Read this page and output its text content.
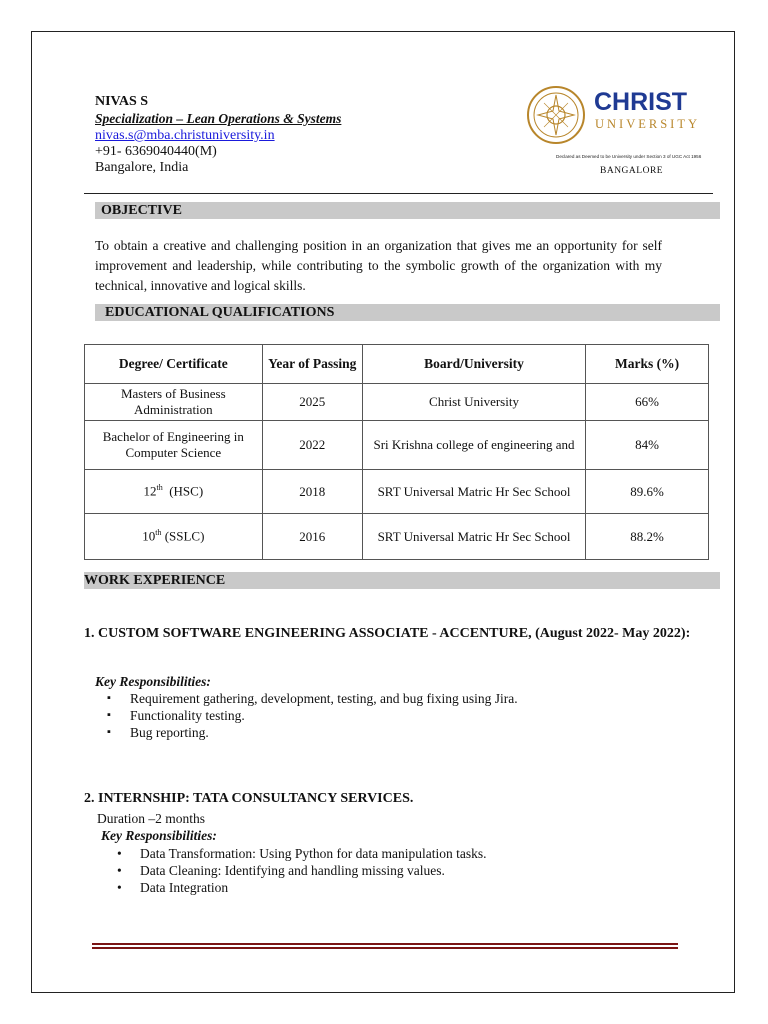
NIVAS S
Specialization – Lean Operations & Systems
nivas.s@mba.christuniversity.in
+91- 6369040440(M)
Bangalore, India
CHRIST
UNIVERSITY
Declared as Deemed to be University under Section 3 of UGC Act 1956
BANGALORE
OBJECTIVE
To obtain a creative and challenging position in an organization that gives me an opportunity for self improvement and leadership, while contributing to the symbolic growth of the organization with my technical, innovative and logical skills.
EDUCATIONAL QUALIFICATIONS
Degree/ Certificate	Year of Passing	Board/University	Marks (%)
Masters of Business Administration	2025	Christ University	66%
Bachelor of Engineering in Computer Science	2022	Sri Krishna college of engineering and	84%
12th  (HSC)	2018	SRT Universal Matric Hr Sec School	89.6%
10th (SSLC)	2016	SRT Universal Matric Hr Sec School	88.2%
WORK EXPERIENCE
1. CUSTOM SOFTWARE ENGINEERING ASSOCIATE - ACCENTURE, (August 2022- May 2022):
Key Responsibilities:
▪ Requirement gathering, development, testing, and bug fixing using Jira.
▪ Functionality testing.
▪ Bug reporting.
2. INTERNSHIP: TATA CONSULTANCY SERVICES.
Duration –2 months
Key Responsibilities:
• Data Transformation: Using Python for data manipulation tasks.
• Data Cleaning: Identifying and handling missing values.
• Data Integration
